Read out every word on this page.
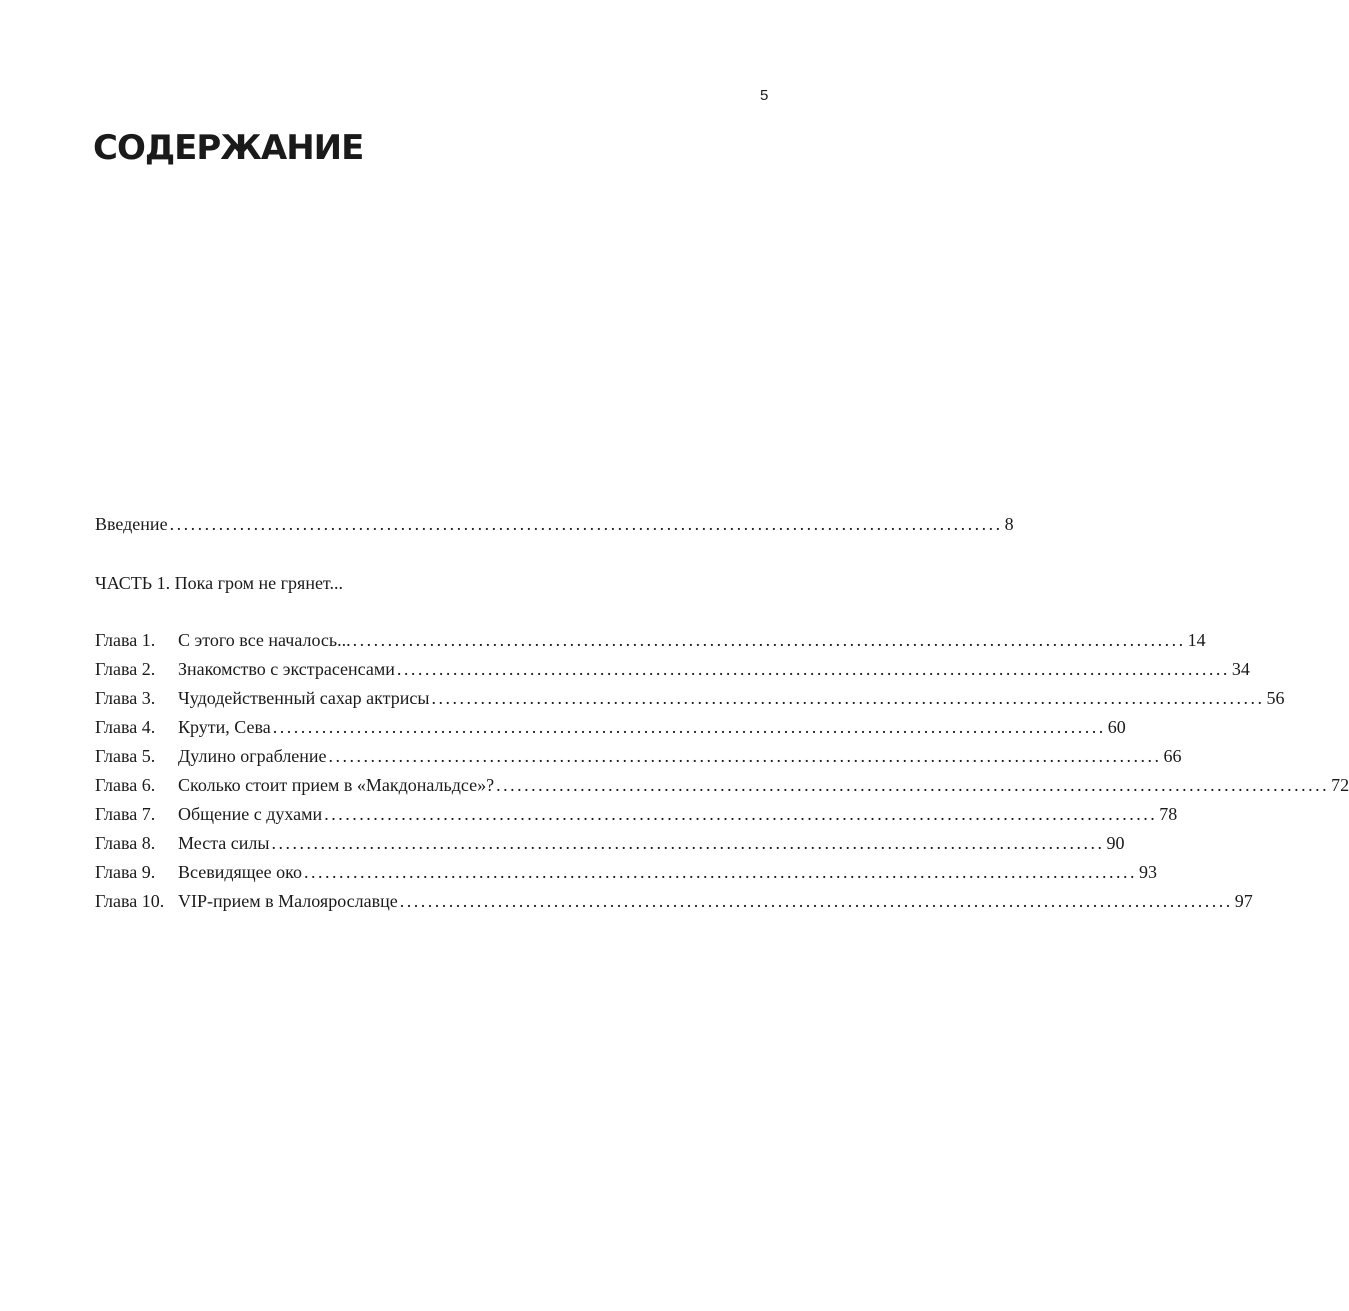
5
СОДЕРЖАНИЕ
Введение ....................................................................................................................... 8
ЧАСТЬ 1. Пока гром не грянет...
Глава 1.	С этого все началось... ....................................................................................................................... 14
Глава 2.	Знакомство с экстрасенсами ....................................................................................................................... 34
Глава 3.	Чудодейственный сахар актрисы ....................................................................................................................... 56
Глава 4.	Крути, Сева ....................................................................................................................... 60
Глава 5.	Дулино ограбление ....................................................................................................................... 66
Глава 6.	Сколько стоит прием в «Макдональдсе»? ....................................................................................................................... 72
Глава 7.	Общение с духами ....................................................................................................................... 78
Глава 8.	Места силы ....................................................................................................................... 90
Глава 9.	Всевидящее око ....................................................................................................................... 93
Глава 10. VIP-прием в Малоярославце ....................................................................................................................... 97
